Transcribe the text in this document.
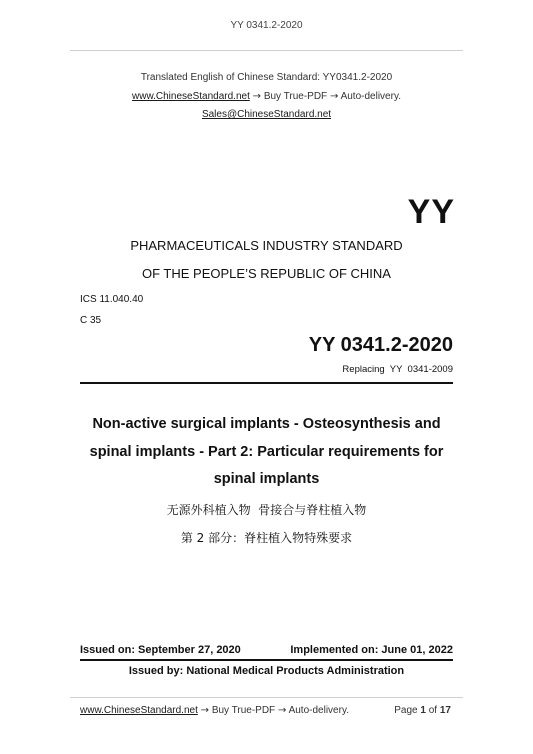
YY 0341.2-2020
Translated English of Chinese Standard: YY0341.2-2020
www.ChineseStandard.net → Buy True-PDF → Auto-delivery.
Sales@ChineseStandard.net
YY
PHARMACEUTICALS INDUSTRY STANDARD
OF THE PEOPLE’S REPUBLIC OF CHINA
ICS 11.040.40
C 35
YY 0341.2-2020
Replacing  YY  0341-2009
Non-active surgical implants - Osteosynthesis and
spinal implants - Part 2: Particular requirements for
spinal implants
无源外科植入物  骨接合与脊柱植入物
第 2 部分：脊柱植入物特殊要求
Issued on: September 27, 2020	Implemented on: June 01, 2022
Issued by: National Medical Products Administration
www.ChineseStandard.net → Buy True-PDF → Auto-delivery.	Page 1 of 17
